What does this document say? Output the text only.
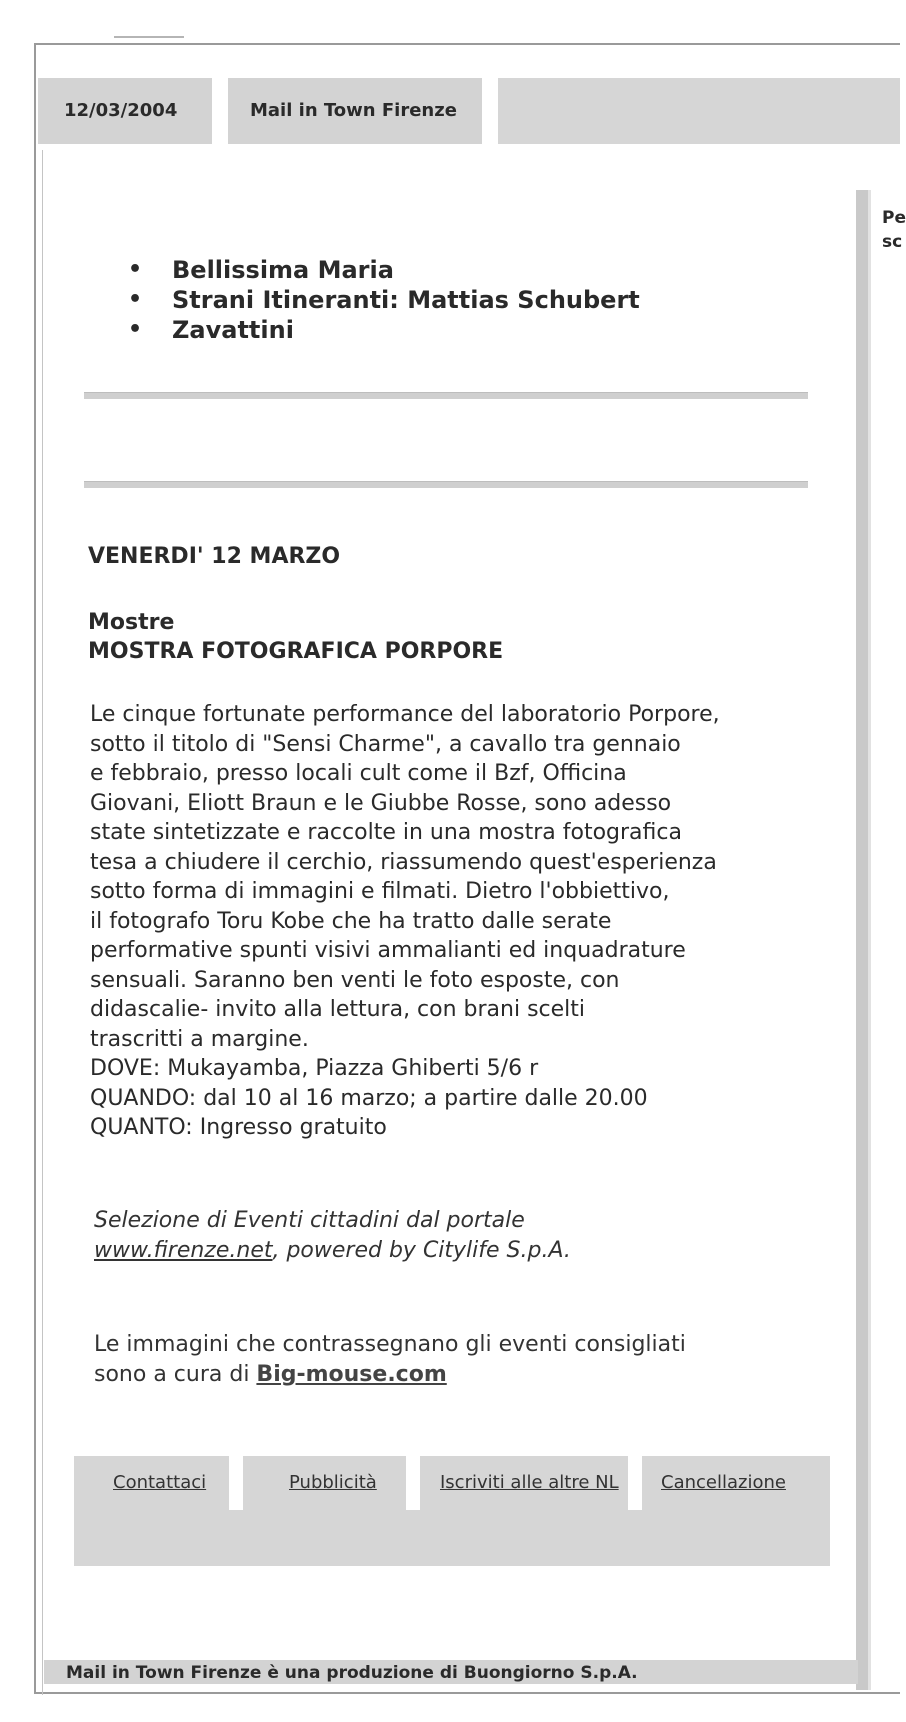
12/03/2004	Mail in Town Firenze
Pe
sc
• Bellissima Maria
• Strani Itineranti: Mattias Schubert
• Zavattini
VENERDI' 12 MARZO
Mostre
MOSTRA FOTOGRAFICA PORPORE
Le cinque fortunate performance del laboratorio Porpore,
sotto il titolo di "Sensi Charme", a cavallo tra gennaio
e febbraio, presso locali cult come il Bzf, Officina
Giovani, Eliott Braun e le Giubbe Rosse, sono adesso
state sintetizzate e raccolte in una mostra fotografica
tesa a chiudere il cerchio, riassumendo quest'esperienza
sotto forma di immagini e filmati. Dietro l'obbiettivo,
il fotografo Toru Kobe che ha tratto dalle serate
performative spunti visivi ammalianti ed inquadrature
sensuali. Saranno ben venti le foto esposte, con
didascalie- invito alla lettura, con brani scelti
trascritti a margine.
DOVE: Mukayamba, Piazza Ghiberti 5/6 r
QUANDO: dal 10 al 16 marzo; a partire dalle 20.00
QUANTO: Ingresso gratuito
Selezione di Eventi cittadini dal portale
www.firenze.net, powered by Citylife S.p.A.
Le immagini che contrassegnano gli eventi consigliati
sono a cura di Big-mouse.com
Contattaci	Pubblicità	Iscriviti alle altre NL Cancellazione
Mail in Town Firenze è una produzione di Buongiorno S.p.A.
